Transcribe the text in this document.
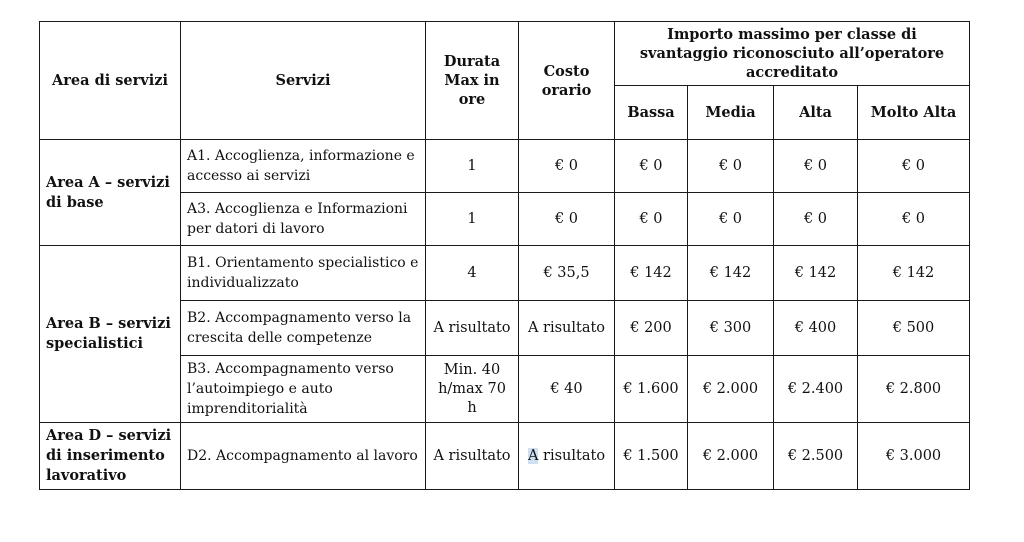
Area di servizi	Servizi	Durata Max in ore	Costo orario	Importo massimo per classe di svantaggio riconosciuto all’operatore accreditato			
				Bassa	Media	Alta	Molto Alta
Area A – servizi di base	A1. Accoglienza, informazione e accesso ai servizi	1	€ 0	€ 0	€ 0	€ 0	€ 0
	A3. Accoglienza e Informazioni per datori di lavoro	1	€ 0	€ 0	€ 0	€ 0	€ 0
Area B – servizi specialistici	B1. Orientamento specialistico e individualizzato	4	€ 35,5	€ 142	€ 142	€ 142	€ 142
	B2. Accompagnamento verso la crescita delle competenze	A risultato	A risultato	€ 200	€ 300	€ 400	€ 500
	B3. Accompagnamento verso l’autoimpiego e auto imprenditorialità	Min. 40 h/max 70 h	€ 40	€ 1.600	€ 2.000	€ 2.400	€ 2.800
Area D – servizi di inserimento lavorativo	D2. Accompagnamento al lavoro	A risultato	A risultato	€ 1.500	€ 2.000	€ 2.500	€ 3.000
